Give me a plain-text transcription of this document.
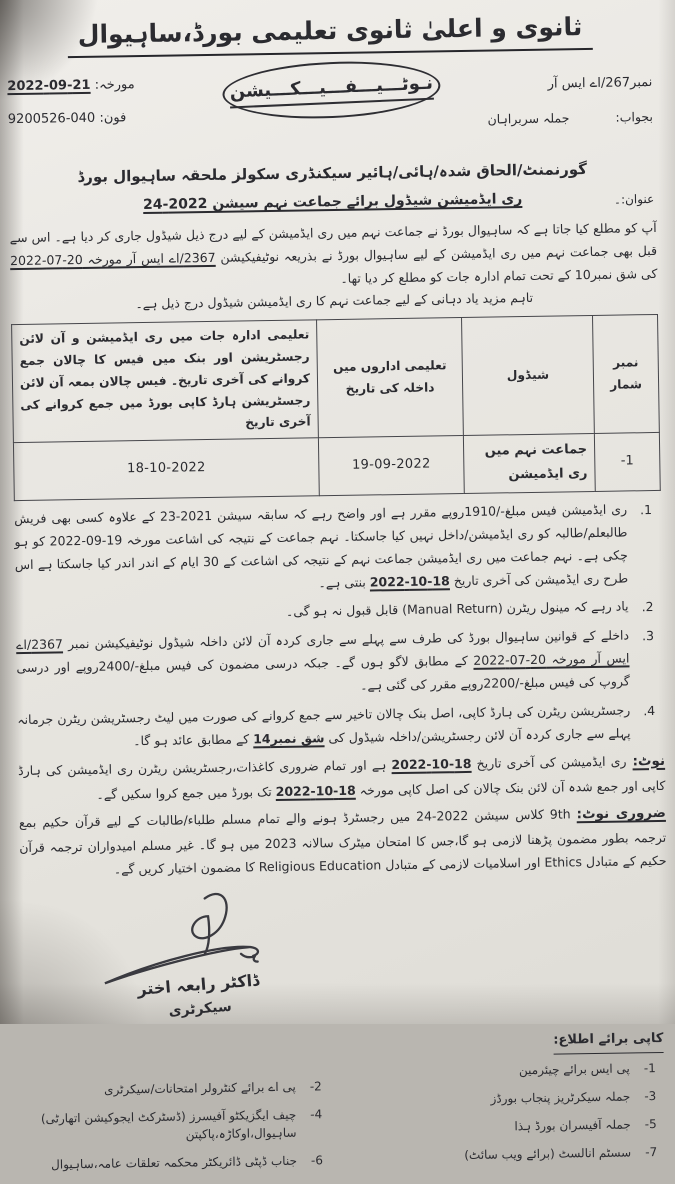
ثانوی و اعلیٰ ثانوی تعلیمی بورڈ،ساہیوال
نمبر267/اے ایس آر
نـوٹـــیـــفـــیـــکـــیشن
مورخہ: 21-09-2022
فون: 040-9200526	بجواب:
جملہ سربراہان
گورنمنٹ/الحاق شدہ/ہائی/ہائیر سیکنڈری سکولز ملحقہ ساہیوال بورڈ
عنوان:۔
ری ایڈمیشن شیڈول برائے جماعت نہم سیشن 2022-24
آپ کو مطلع کیا جاتا ہے کہ ساہیوال بورڈ نے جماعت نہم میں ری ایڈمیشن کے لیے درج ذیل شیڈول جاری کر دیا ہے۔ اس سے قبل بھی جماعت نہم میں ری ایڈمیشن کے لیے ساہیوال بورڈ نے بذریعہ نوٹیفیکیشن 2367/اے ایس آر مورخہ 20-07-2022 کی شق نمبر10 کے تحت تمام ادارہ جات کو مطلع کر دیا تھا۔
تاہم مزید یاد دہانی کے لیے جماعت نہم کا ری ایڈمیشن شیڈول درج ذیل ہے۔
نمبر شمار	شیڈول	تعلیمی اداروں میں داخلہ کی تاریخ	تعلیمی ادارہ جات میں ری ایڈمیشن و آن لائن رجسٹریشن اور بنک میں فیس کا چالان جمع کروانے کی آخری تاریخ۔ فیس چالان بمعہ آن لائن رجسٹریشن ہارڈ کاپی بورڈ میں جمع کروانے کی آخری تاریخ
1-	جماعت نہم میں ری ایڈمیشن	19-09-2022	18-10-2022
1.
ری ایڈمیشن فیس مبلغ-/1910روپے مقرر ہے اور واضح رہے کہ سابقہ سیشن 2021-23 کے علاوہ کسی بھی فریش طالبعلم/طالبہ کو ری ایڈمیشن/داخل نہیں کیا جاسکتا۔ نہم جماعت کے نتیجہ کی اشاعت مورخہ 19-09-2022 کو ہو چکی ہے۔ نہم جماعت میں ری ایڈمیشن جماعت نہم کے نتیجہ کی اشاعت کے 30 ایام کے اندر اندر کیا جاسکتا ہے اس طرح ری ایڈمیشن کی آخری تاریخ 18-10-2022 بنتی ہے۔
2.
یاد رہے کہ مینول ریٹرن (Manual Return) قابل قبول نہ ہو گی۔
3.
داخلے کے قوانین ساہیوال بورڈ کی طرف سے پہلے سے جاری کردہ آن لائن داخلہ شیڈول نوٹیفیکیشن نمبر 2367/اے ایس آر مورخہ 20-07-2022 کے مطابق لاگو ہوں گے۔ جبکہ درسی مضمون کی فیس مبلغ-/2400روپے اور درسی گروپ کی فیس مبلغ-/2200روپے مقرر کی گئی ہے۔
4.
رجسٹریشن ریٹرن کی ہارڈ کاپی، اصل بنک چالان تاخیر سے جمع کروانے کی صورت میں لیٹ رجسٹریشن ریٹرن جرمانہ پہلے سے جاری کردہ آن لائن رجسٹریشن/داخلہ شیڈول کی شق نمبر14 کے مطابق عائد ہو گا۔
نوٹ:ری ایڈمیشن کی آخری تاریخ 18-10-2022 ہے اور تمام ضروری کاغذات،رجسٹریشن ریٹرن ری ایڈمیشن کی ہارڈ کاپی اور جمع شدہ آن لائن بنک چالان کی اصل کاپی مورخہ 18-10-2022 تک بورڈ میں جمع کروا سکیں گے۔
ضروری نوٹ:9th کلاس سیشن 2022-24 میں رجسٹرڈ ہونے والے تمام مسلم طلباء/طالبات کے لیے قرآن حکیم بمع ترجمہ بطور مضمون پڑھنا لازمی ہو گا،جس کا امتحان میٹرک سالانہ 2023 میں ہو گا۔ غیر مسلم امیدواران ترجمہ قرآن حکیم کے متبادل Ethics اور اسلامیات لازمی کے متبادل Religious Education کا مضمون اختیار کریں گے۔
ڈاکٹر رابعہ اختر
سیکرٹری
کاپی برائے اطلاع:
1-
پی ایس برائے چیئرمین
3-
جملہ سیکرٹریز پنجاب بورڈز
5-
جملہ آفیسران بورڈ ہذا
7-
سسٹم انالسٹ (برائے ویب سائٹ)
2-
پی اے برائے کنٹرولر امتحانات/سیکرٹری
4-
چیف ایگزیکٹو آفیسرز (ڈسٹرکٹ ایجوکیشن اتھارٹی) ساہیوال،اوکاڑہ،پاکپتن
6-
جناب ڈپٹی ڈائریکٹر محکمہ تعلقات عامہ،ساہیوال
